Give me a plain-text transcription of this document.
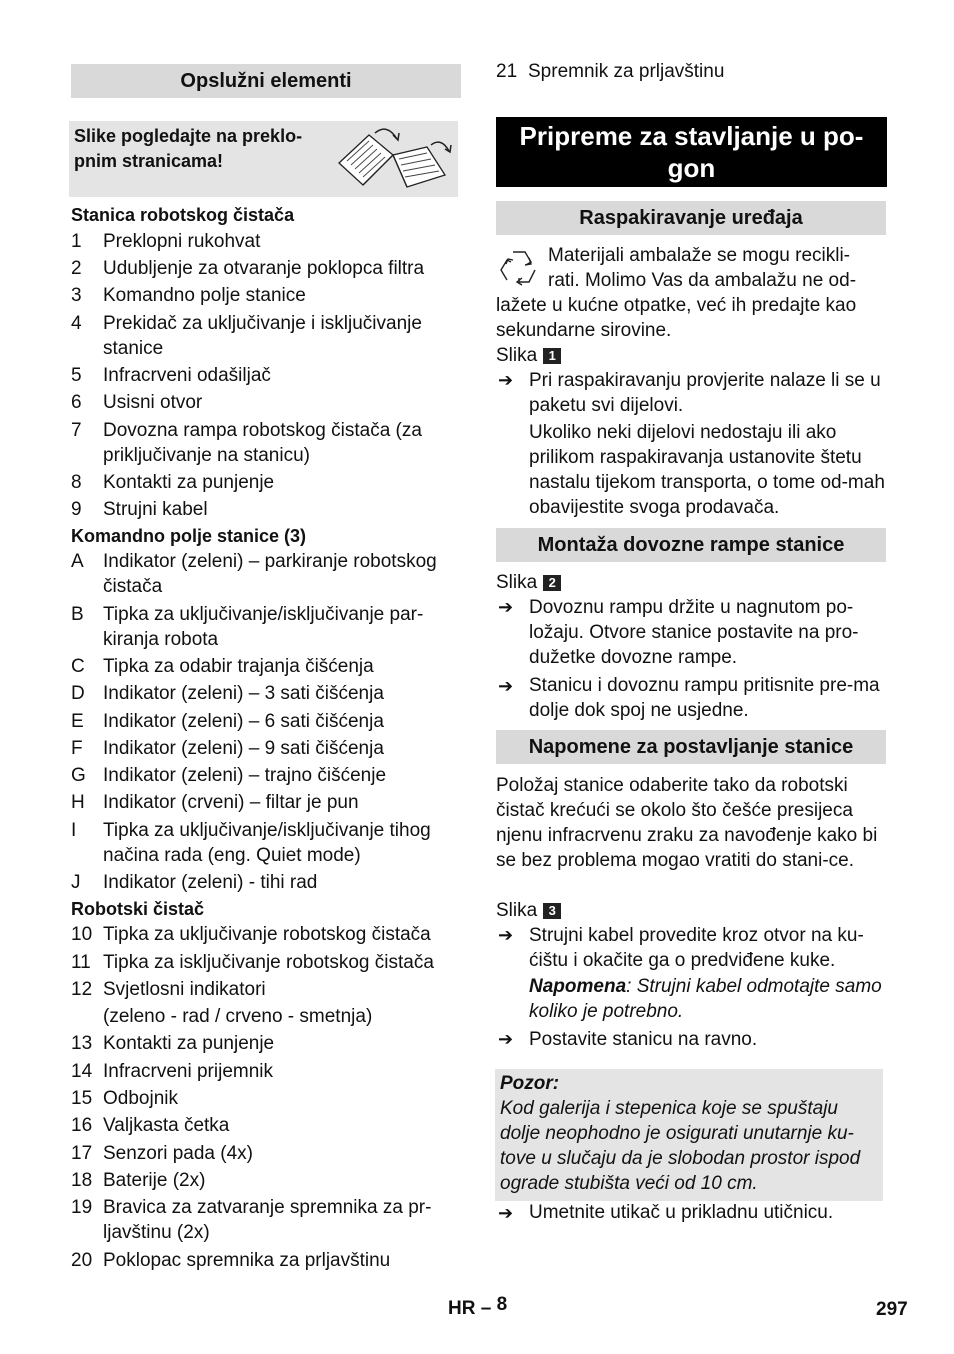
Opslužni elementi
Slike pogledajte na preklo-
pnim stranicama!
Stanica robotskog čistača
1 Preklopni rukohvat
2 Udubljenje za otvaranje poklopca filtra
3 Komandno polje stanice
4 Prekidač za uključivanje i isključivanje stanice
5 Infracrveni odašiljač
6 Usisni otvor
7 Dovozna rampa robotskog čistača (za priključivanje na stanicu)
8 Kontakti za punjenje
9 Strujni kabel
Komandno polje stanice (3)
A Indikator (zeleni) – parkiranje robotskog čistača
B Tipka za uključivanje/isključivanje par-kiranja robota
C Tipka za odabir trajanja čišćenja
D Indikator (zeleni) – 3 sati čišćenja
E Indikator (zeleni) – 6 sati čišćenja
F Indikator (zeleni) – 9 sati čišćenja
G Indikator (zeleni) – trajno čišćenje
H Indikator (crveni) – filtar je pun
I Tipka za uključivanje/isključivanje tihog načina rada (eng. Quiet mode)
J Indikator (zeleni) - tihi rad
Robotski čistač
10 Tipka za uključivanje robotskog čistača
11 Tipka za isključivanje robotskog čistača
12 Svjetlosni indikatori
(zeleno - rad / crveno - smetnja)
13 Kontakti za punjenje
14 Infracrveni prijemnik
15 Odbojnik
16 Valjkasta četka
17 Senzori pada (4x)
18 Baterije (2x)
19 Bravica za zatvaranje spremnika za pr-ljavštinu (2x)
20 Poklopac spremnika za prljavštinu
21 Spremnik za prljavštinu
Pripreme za stavljanje u po-gon
Raspakiravanje uređaja
Materijali ambalaže se mogu recikli-
rati. Molimo Vas da ambalažu ne od-
lažete u kućne otpatke, već ih predajte kao sekundarne sirovine.
Slika 1
➔ Pri raspakiravanju provjerite nalaze li se u paketu svi dijelovi.
Ukoliko neki dijelovi nedostaju ili ako prilikom raspakiravanja ustanovite štetu nastalu tijekom transporta, o tome od-mah obavijestite svoga prodavača.
Montaža dovozne rampe stanice
Slika 2
➔ Dovoznu rampu držite u nagnutom po-ložaju. Otvore stanice postavite na pro-dužetke dovozne rampe.
➔ Stanicu i dovoznu rampu pritisnite pre-ma dolje dok spoj ne usjedne.
Napomene za postavljanje stanice
Položaj stanice odaberite tako da robotski čistač krećući se okolo što češće presijeca njenu infracrvenu zraku za navođenje kako bi se bez problema mogao vratiti do stani-ce.
Slika 3
➔ Strujni kabel provedite kroz otvor na ku-ćištu i okačite ga o predviđene kuke.
Napomena: Strujni kabel odmotajte samo koliko je potrebno.
➔ Postavite stanicu na ravno.
Pozor:
Kod galerija i stepenica koje se spuštaju dolje neophodno je osigurati unutarnje ku-tove u slučaju da je slobodan prostor ispod ograde stubišta veći od 10 cm.
➔ Umetnite utikač u prikladnu utičnicu.
HR – 8	297
